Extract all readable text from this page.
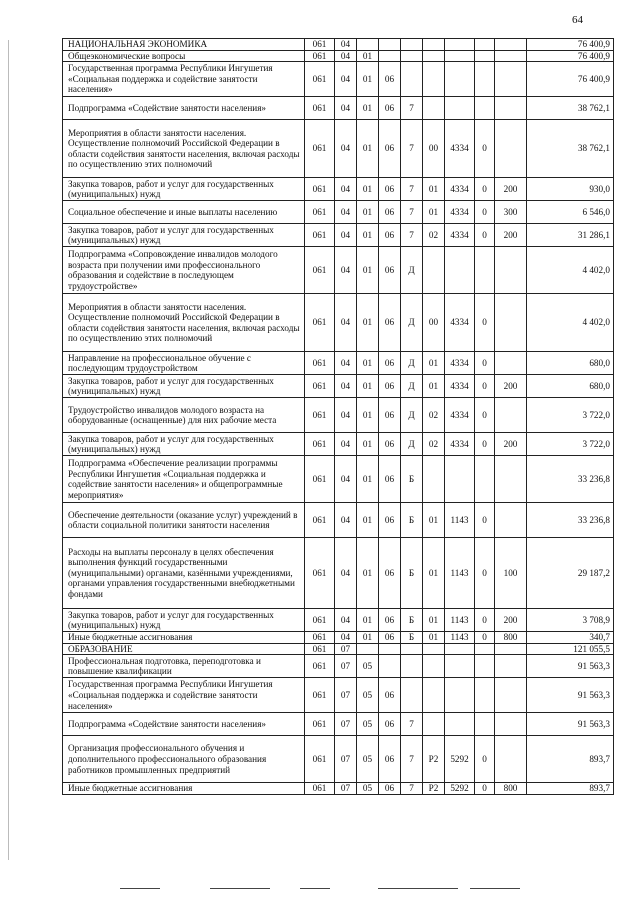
64
НАЦИОНАЛЬНАЯ ЭКОНОМИКА	061	04								76 400,9
Общеэкономические вопросы	061	04	01							76 400,9
Государственная программа Республики Ингушетия «Социальная поддержка и содействие занятости населения»	061	04	01	06						76 400,9
Подпрограмма «Содействие занятости населения»	061	04	01	06	7					38 762,1
Мероприятия в области занятости населения. Осуществление полномочий Российской Федерации в области содействия занятости населения, включая расходы по осуществлению этих полномочий	061	04	01	06	7	00	4334	0		38 762,1
Закупка товаров, работ и услуг для государственных (муниципальных) нужд	061	04	01	06	7	01	4334	0	200	930,0
Социальное обеспечение и иные выплаты населению	061	04	01	06	7	01	4334	0	300	6 546,0
Закупка товаров, работ и услуг для государственных (муниципальных) нужд	061	04	01	06	7	02	4334	0	200	31 286,1
Подпрограмма «Сопровождение инвалидов молодого возраста при получении ими профессионального образования и содействие в последующем трудоустройстве»	061	04	01	06	Д					4 402,0
Мероприятия в области занятости населения. Осуществление полномочий Российской Федерации в области содействия занятости населения, включая расходы по осуществлению этих полномочий	061	04	01	06	Д	00	4334	0		4 402,0
Направление на профессиональное обучение с последующим трудоустройством	061	04	01	06	Д	01	4334	0		680,0
Закупка товаров, работ и услуг для государственных (муниципальных) нужд	061	04	01	06	Д	01	4334	0	200	680,0
Трудоустройство инвалидов молодого возраста на оборудованные (оснащенные) для них рабочие места	061	04	01	06	Д	02	4334	0		3 722,0
Закупка товаров, работ и услуг для государственных (муниципальных) нужд	061	04	01	06	Д	02	4334	0	200	3 722,0
Подпрограмма «Обеспечение реализации программы Республики Ингушетия «Социальная поддержка и содействие занятости населения» и общепрограммные мероприятия»	061	04	01	06	Б					33 236,8
Обеспечение деятельности (оказание услуг) учреждений в области социальной политики занятости населения	061	04	01	06	Б	01	1143	0		33 236,8
Расходы на выплаты персоналу в целях обеспечения выполнения функций государственными (муниципальными) органами, казёнными учреждениями, органами управления государственными внебюджетными фондами	061	04	01	06	Б	01	1143	0	100	29 187,2
Закупка товаров, работ и услуг для государственных (муниципальных) нужд	061	04	01	06	Б	01	1143	0	200	3 708,9
Иные бюджетные ассигнования	061	04	01	06	Б	01	1143	0	800	340,7
ОБРАЗОВАНИЕ	061	07								121 055,5
Профессиональная подготовка, переподготовка и повышение квалификации	061	07	05							91 563,3
Государственная программа Республики Ингушетия «Социальная поддержка и содействие занятости населения»	061	07	05	06						91 563,3
Подпрограмма «Содействие занятости населения»	061	07	05	06	7					91 563,3
Организация профессионального обучения и дополнительного профессионального образования работников промышленных предприятий	061	07	05	06	7	Р2	5292	0		893,7
Иные бюджетные ассигнования	061	07	05	06	7	Р2	5292	0	800	893,7
